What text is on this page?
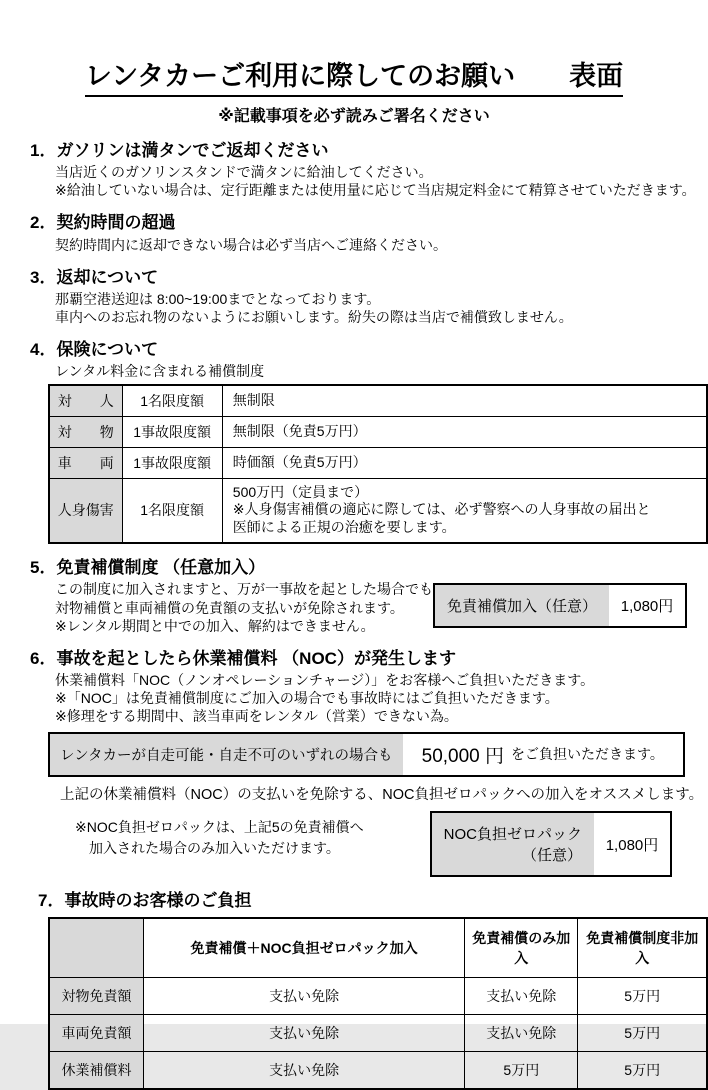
レンタカーご利用に際してのお願い　　表面
※記載事項を必ず読みご署名ください
1．ガソリンは満タンでご返却ください
当店近くのガソリンスタンドで満タンに給油してください。
※給油していない場合は、定行距離または使用量に応じて当店規定料金にて精算させていただきます。
2．契約時間の超過
契約時間内に返却できない場合は必ず当店へご連絡ください。
3．返却について
那覇空港送迎は 8:00~19:00までとなっております。
車内へのお忘れ物のないようにお願いします。紛失の際は当店で補償致しません。
4．保険について
レンタル料金に含まれる補償制度
対　　人	1名限度額	無制限
対　　物	1事故限度額	無制限（免責5万円）
車　　両	1事故限度額	時価額（免責5万円）
人身傷害	1名限度額	500万円（定員まで）
※人身傷害補償の適応に際しては、必ず警察への人身事故の届出と
医師による正規の治癒を要します。
5．免責補償制度 （任意加入）
この制度に加入されますと、万が一事故を起とした場合でも
対物補償と車両補償の免責額の支払いが免除されます。
※レンタル期間と中での加入、解約はできません。
免責補償加入（任意）	1,080円
6．事故を起としたら休業補償料 （NOC）が発生します
休業補償料「NOC（ノンオペレーションチャージ）」をお客様へご負担いただきます。
※「NOC」は免責補償制度にご加入の場合でも事故時にはご負担いただきます。
※修理をする期間中、該当車両をレンタル（営業）できない為。
レンタカーが自走可能・自走不可のいずれの場合も	50,000 円 をご負担いただきます。
上記の休業補償料（NOC）の支払いを免除する、NOC負担ゼロパックへの加入をオススメします。
※NOC負担ゼロパックは、上記5の免責補償へ
加入された場合のみ加入いただけます。
NOC負担ゼロパック
（任意）
1,080円
7．事故時のお客様のご負担
	免責補償＋NOC負担ゼロパック加入	免責補償のみ加入	免責補償制度非加入
対物免責額	支払い免除	支払い免除	5万円
車両免責額	支払い免除	支払い免除	5万円
休業補償料	支払い免除	5万円	5万円
